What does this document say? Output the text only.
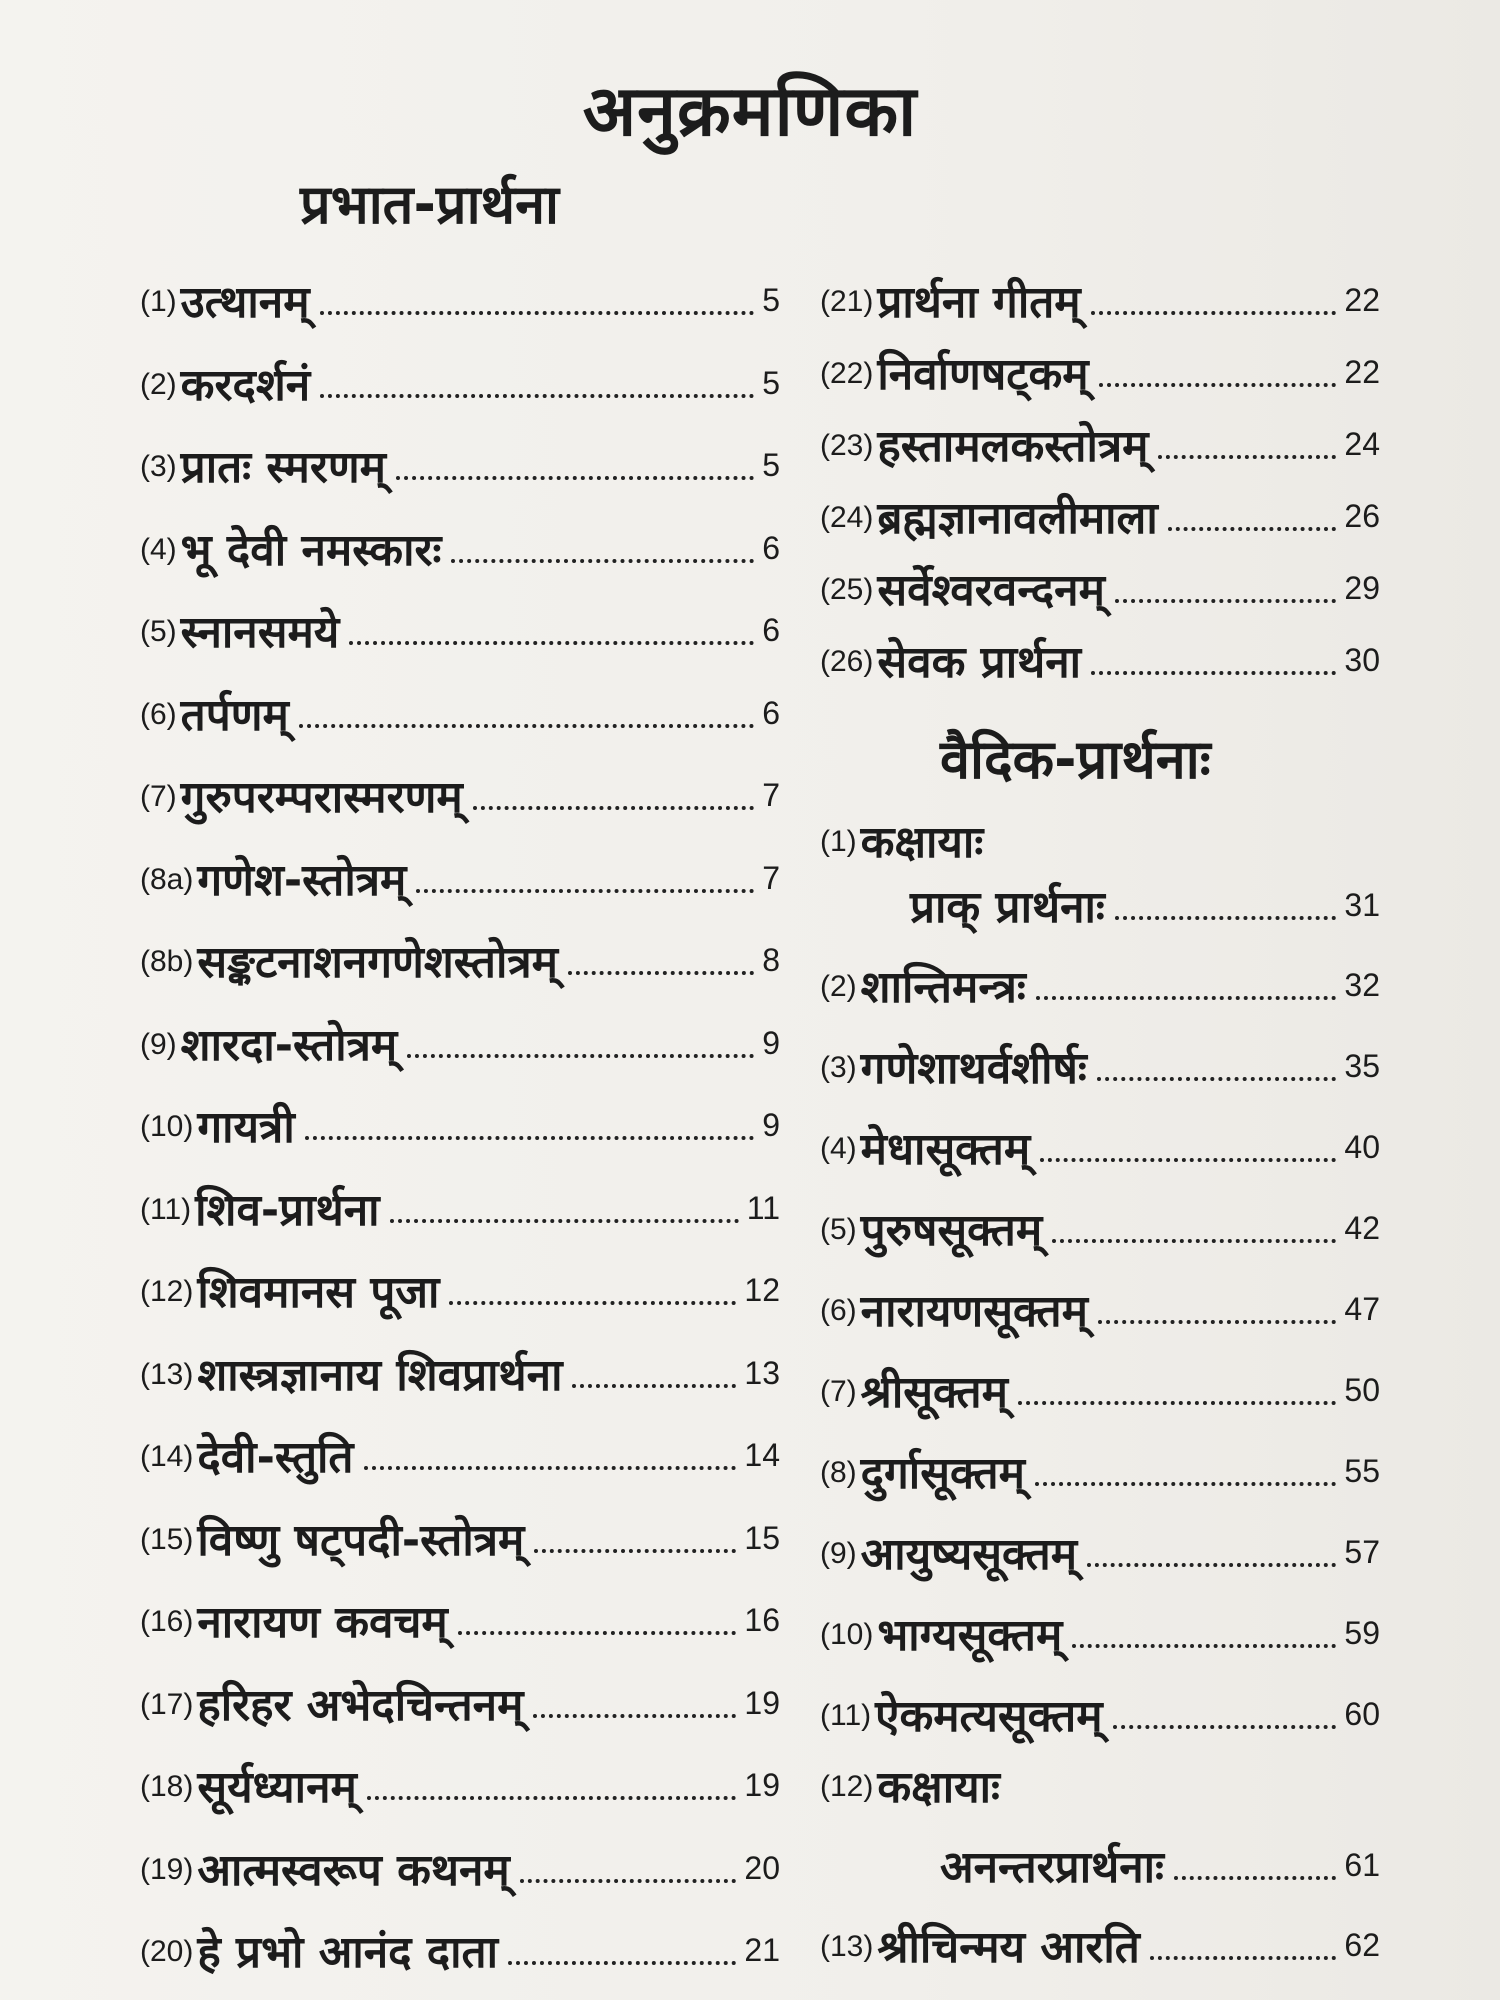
अनुक्रमणिका
प्रभात-प्रार्थना
(1) उत्थानम्	5
(2) करदर्शनं	5
(3) प्रातः स्मरणम्	5
(4) भू देवी नमस्कारः	6
(5) स्नानसमये	6
(6) तर्पणम्	6
(7) गुरुपरम्परास्मरणम्	7
(8a) गणेश-स्तोत्रम्	7
(8b) सङ्कटनाशनगणेशस्तोत्रम्	8
(9) शारदा-स्तोत्रम्	9
(10) गायत्री	9
(11) शिव-प्रार्थना	11
(12) शिवमानस पूजा	12
(13) शास्त्रज्ञानाय शिवप्रार्थना	13
(14) देवी-स्तुति	14
(15) विष्णु षट्पदी-स्तोत्रम्	15
(16) नारायण कवचम्	16
(17) हरिहर अभेदचिन्तनम्	19
(18) सूर्यध्यानम्	19
(19) आत्मस्वरूप कथनम्	20
(20) हे प्रभो आनंद दाता	21
(21) प्रार्थना गीतम्	22
(22) निर्वाणषट्कम्	22
(23) हस्तामलकस्तोत्रम्	24
(24) ब्रह्मज्ञानावलीमाला	26
(25) सर्वेश्वरवन्दनम्	29
(26) सेवक प्रार्थना	30
वैदिक-प्रार्थनाः
(1) कक्षायाः
प्राक् प्रार्थनाः	31
(2) शान्तिमन्त्रः	32
(3) गणेशाथर्वशीर्षः	35
(4) मेधासूक्तम्	40
(5) पुरुषसूक्तम्	42
(6) नारायणसूक्तम्	47
(7) श्रीसूक्तम्	50
(8) दुर्गासूक्तम्	55
(9) आयुष्यसूक्तम्	57
(10) भाग्यसूक्तम्	59
(11) ऐकमत्यसूक्तम्	60
(12) कक्षायाः
अनन्तरप्रार्थनाः	61
(13) श्रीचिन्मय आरति	62
